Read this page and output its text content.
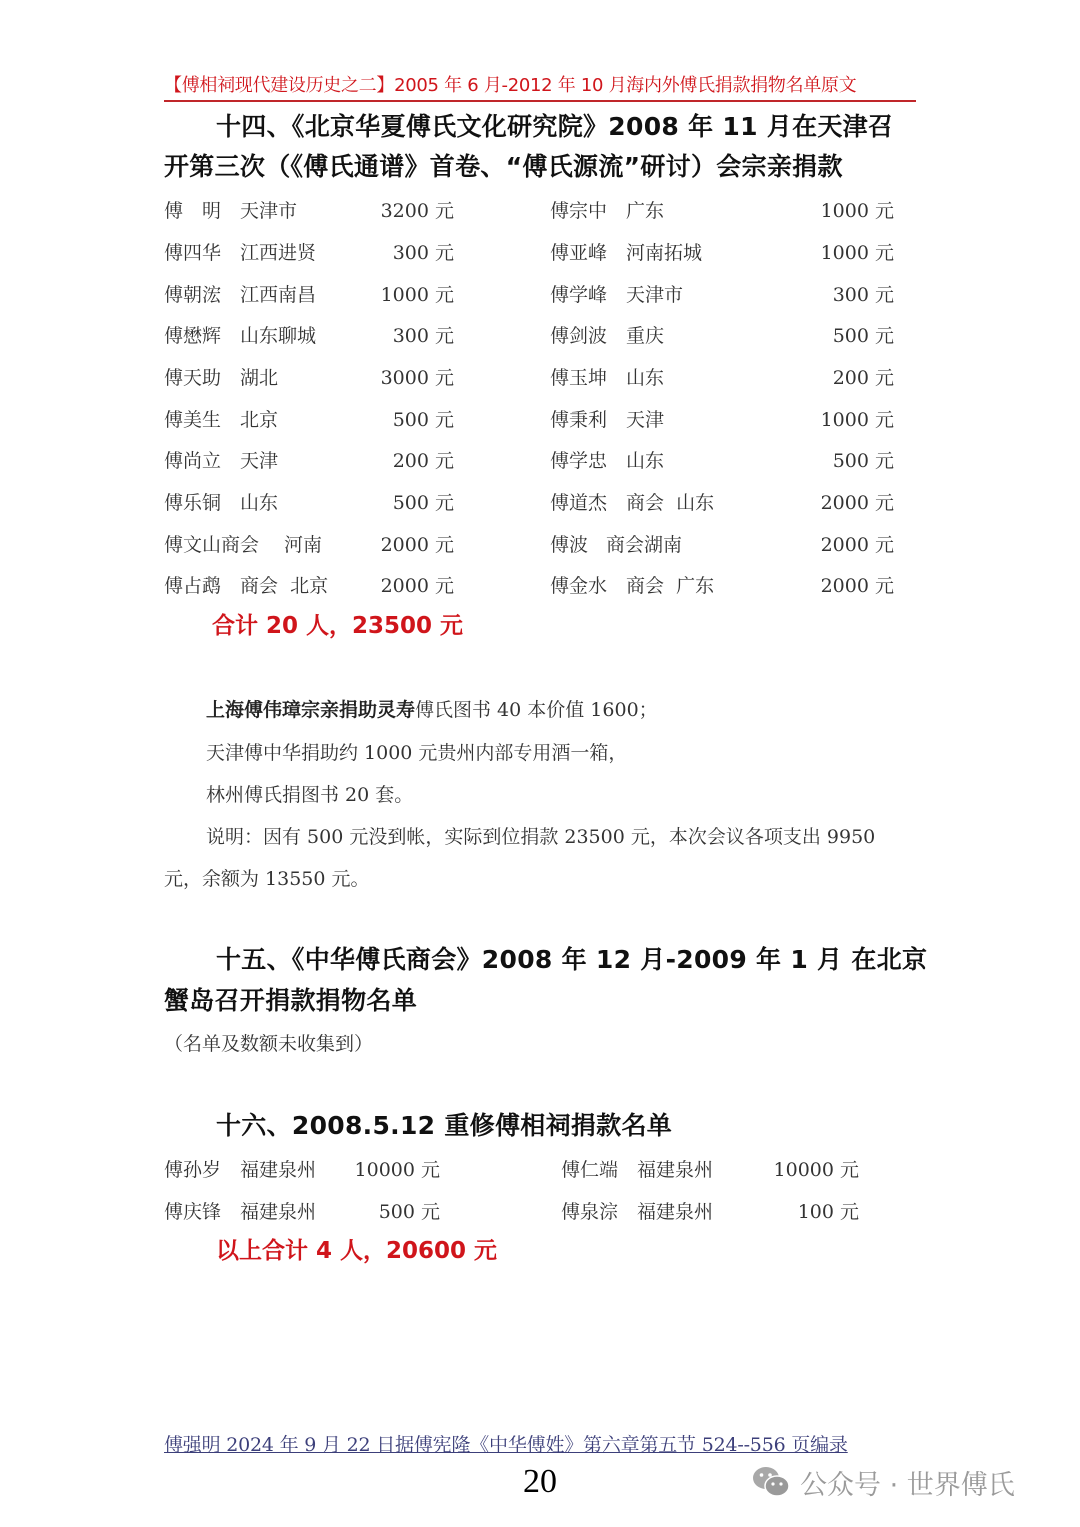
【傅相祠现代建设历史之二】2005 年 6 月-2012 年 10 月海内外傅氏捐款捐物名单原文
十四、《北京华夏傅氏文化研究院》2008 年 11 月在天津召
开第三次（《傅氏通谱》首卷、“傅氏源流”研讨）会宗亲捐款
傅　明 天津市	3200 元
傅四华 江西进贤	300 元
傅朝浤 江西南昌	1000 元
傅懋辉 山东聊城	300 元
傅天助 湖北	3000 元
傅美生 北京	500 元
傅尚立 天津	200 元
傅乐铜 山东	500 元
傅文山商会 河南	2000 元
傅占鹉 商会  北京	2000 元
傅宗中 广东	1000 元
傅亚峰 河南拓城	1000 元
傅学峰 天津市	300 元
傅剑波 重庆	500 元
傅玉坤 山东	200 元
傅秉利 天津	1000 元
傅学忠 山东	500 元
傅道杰 商会  山东	2000 元
傅波 商会湖南	2000 元
傅金水 商会  广东	2000 元
合计 20 人，23500 元
上海傅伟璋宗亲捐助灵寿傅氏图书 40 本价值 1600；
天津傅中华捐助约 1000 元贵州内部专用酒一箱，
林州傅氏捐图书 20 套。
说明：因有 500 元没到帐，实际到位捐款 23500 元，本次会议各项支出 9950
元，余额为 13550 元。
十五、《中华傅氏商会》2008 年 12 月-2009 年 1 月 在北京
蟹岛召开捐款捐物名单
（名单及数额未收集到）
十六、2008.5.12 重修傅相祠捐款名单
傅孙岁 福建泉州 10000 元
傅庆锋 福建泉州	500 元
傅仁端 福建泉州	10000 元
傅泉淙 福建泉州	100 元
以上合计 4 人，20600 元
傅强明 2024 年 9 月 22 日据傅宪隆《中华傅姓》第六章第五节 524--556 页编录
20	公众号 · 世界傅氏
